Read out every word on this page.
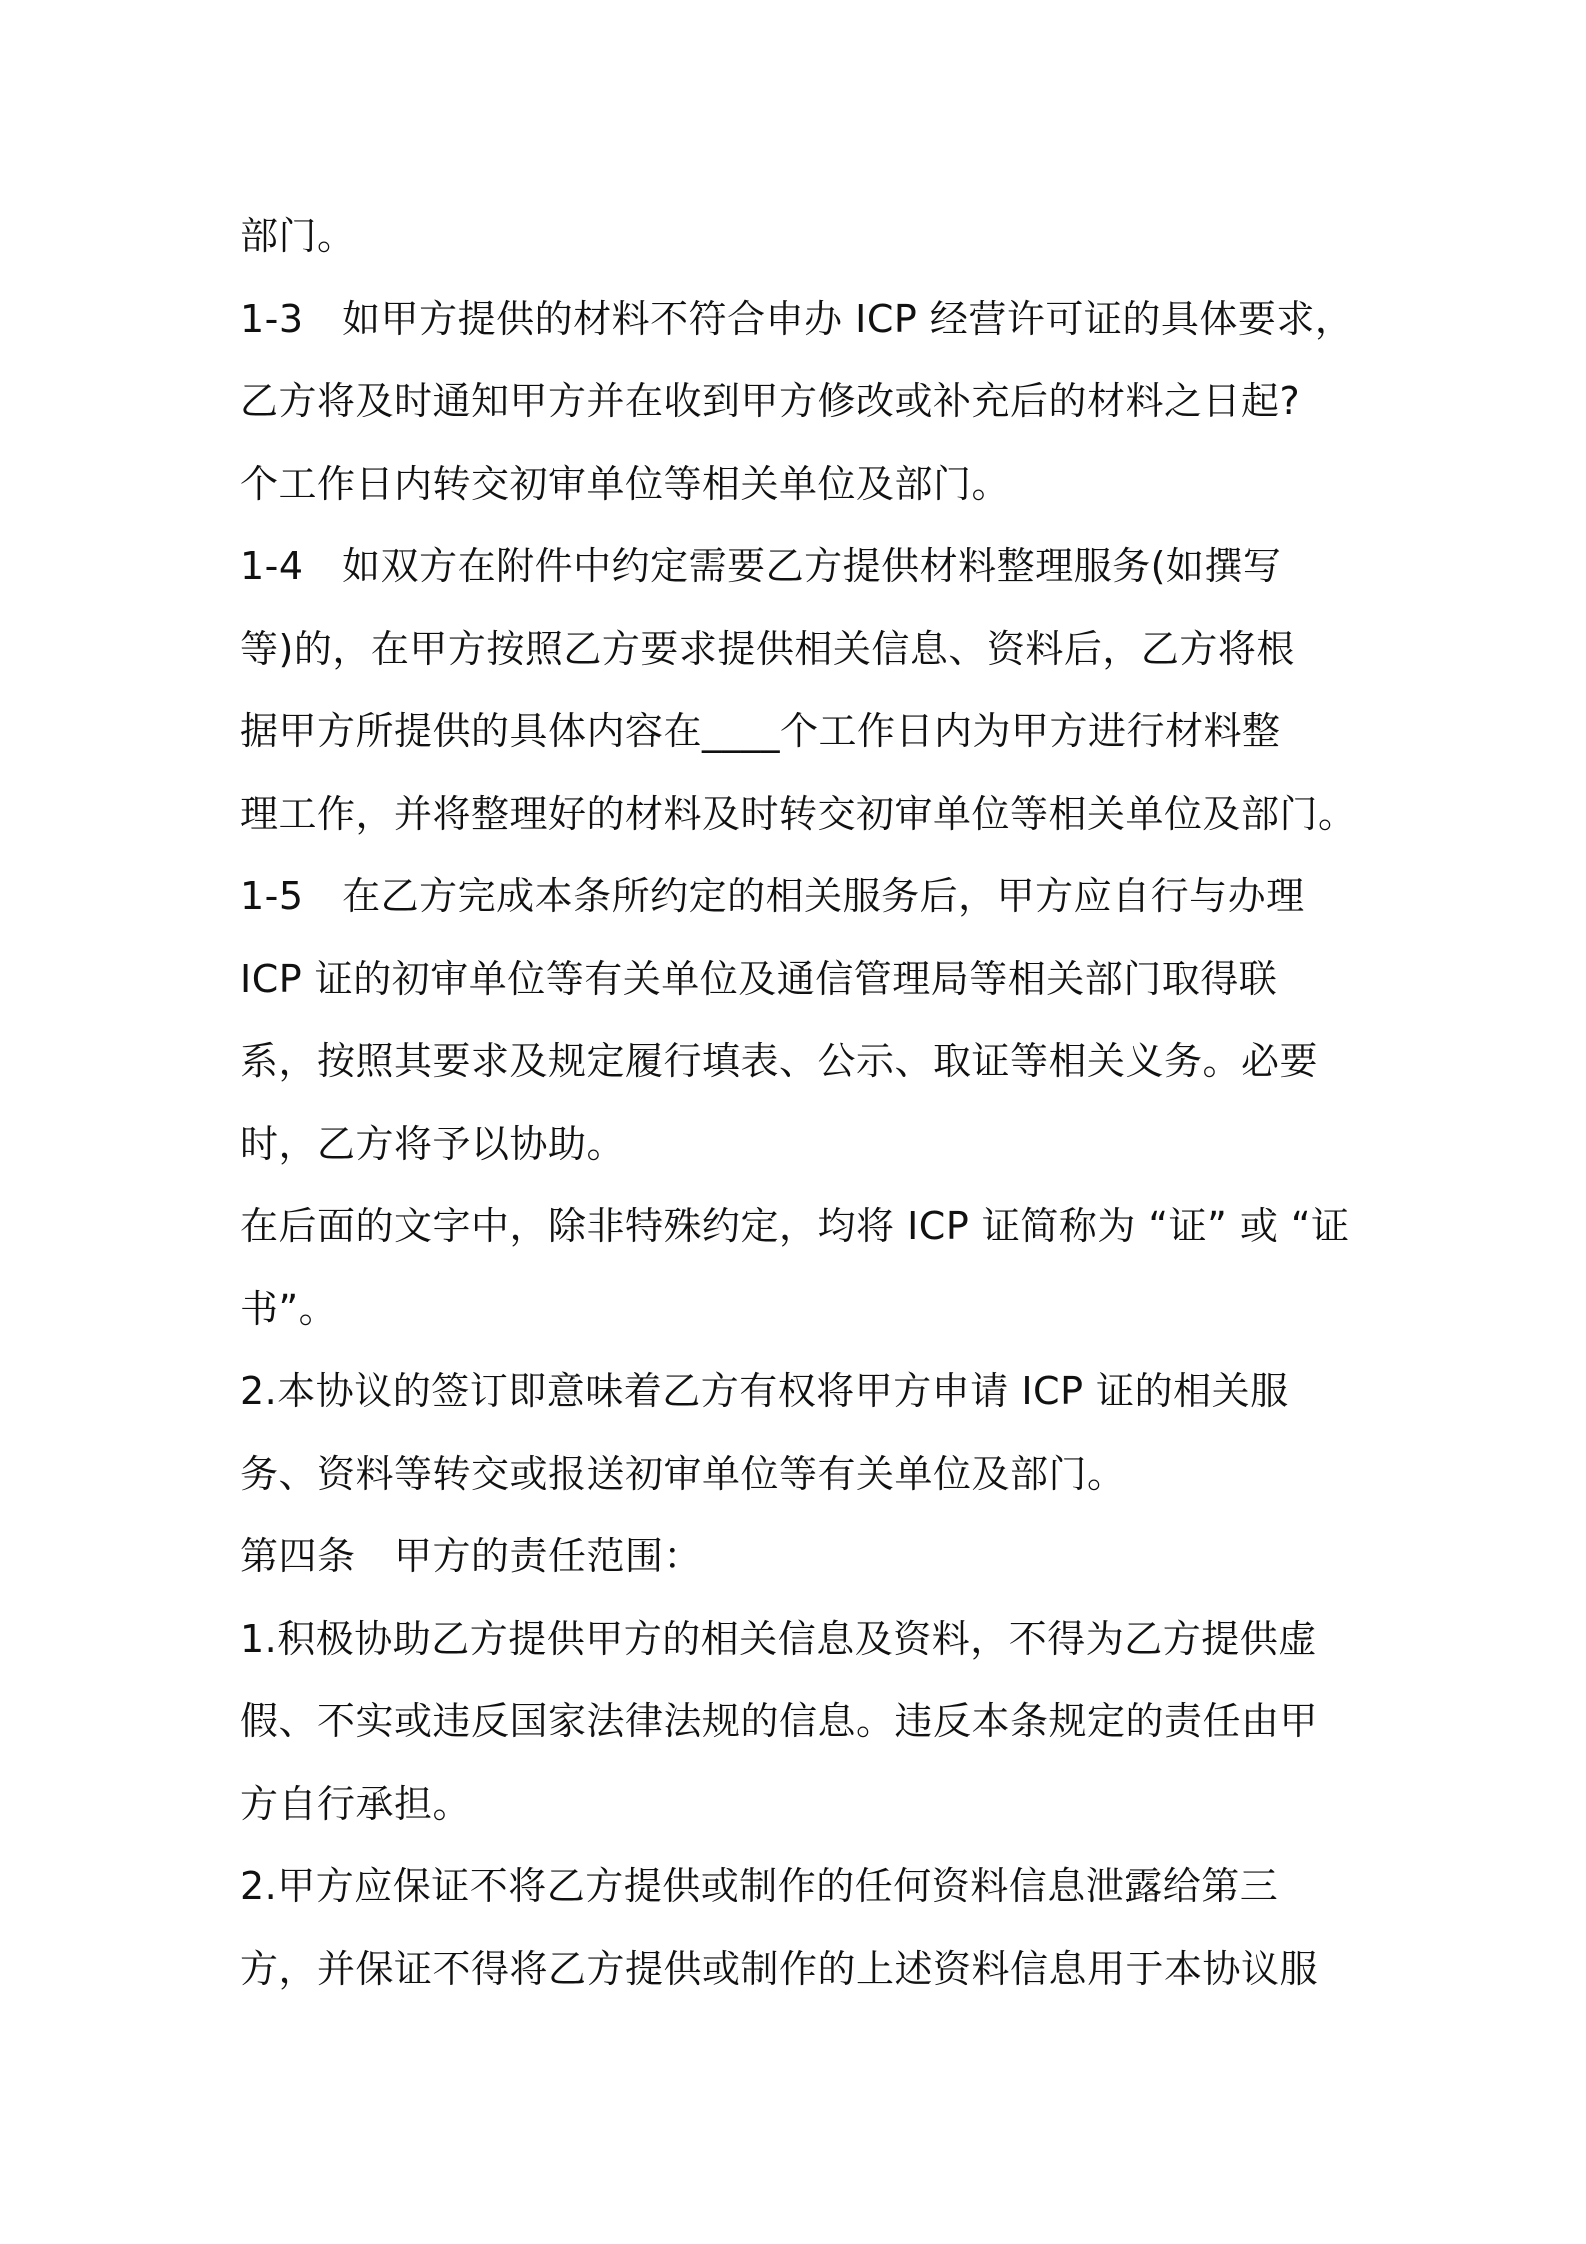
部门。
1-3　如甲方提供的材料不符合申办 ICP 经营许可证的具体要求，
乙方将及时通知甲方并在收到甲方修改或补充后的材料之日起?
个工作日内转交初审单位等相关单位及部门。
1-4　如双方在附件中约定需要乙方提供材料整理服务(如撰写
等)的，在甲方按照乙方要求提供相关信息、资料后，乙方将根
据甲方所提供的具体内容在____个工作日内为甲方进行材料整
理工作，并将整理好的材料及时转交初审单位等相关单位及部门。
1-5　在乙方完成本条所约定的相关服务后，甲方应自行与办理
ICP 证的初审单位等有关单位及通信管理局等相关部门取得联
系，按照其要求及规定履行填表、公示、取证等相关义务。必要
时，乙方将予以协助。
在后面的文字中，除非特殊约定，均将 ICP 证简称为 “证” 或 “证
书”。
2.本协议的签订即意味着乙方有权将甲方申请 ICP 证的相关服
务、资料等转交或报送初审单位等有关单位及部门。
第四条　甲方的责任范围：
1.积极协助乙方提供甲方的相关信息及资料，不得为乙方提供虚
假、不实或违反国家法律法规的信息。违反本条规定的责任由甲
方自行承担。
2.甲方应保证不将乙方提供或制作的任何资料信息泄露给第三
方，并保证不得将乙方提供或制作的上述资料信息用于本协议服
